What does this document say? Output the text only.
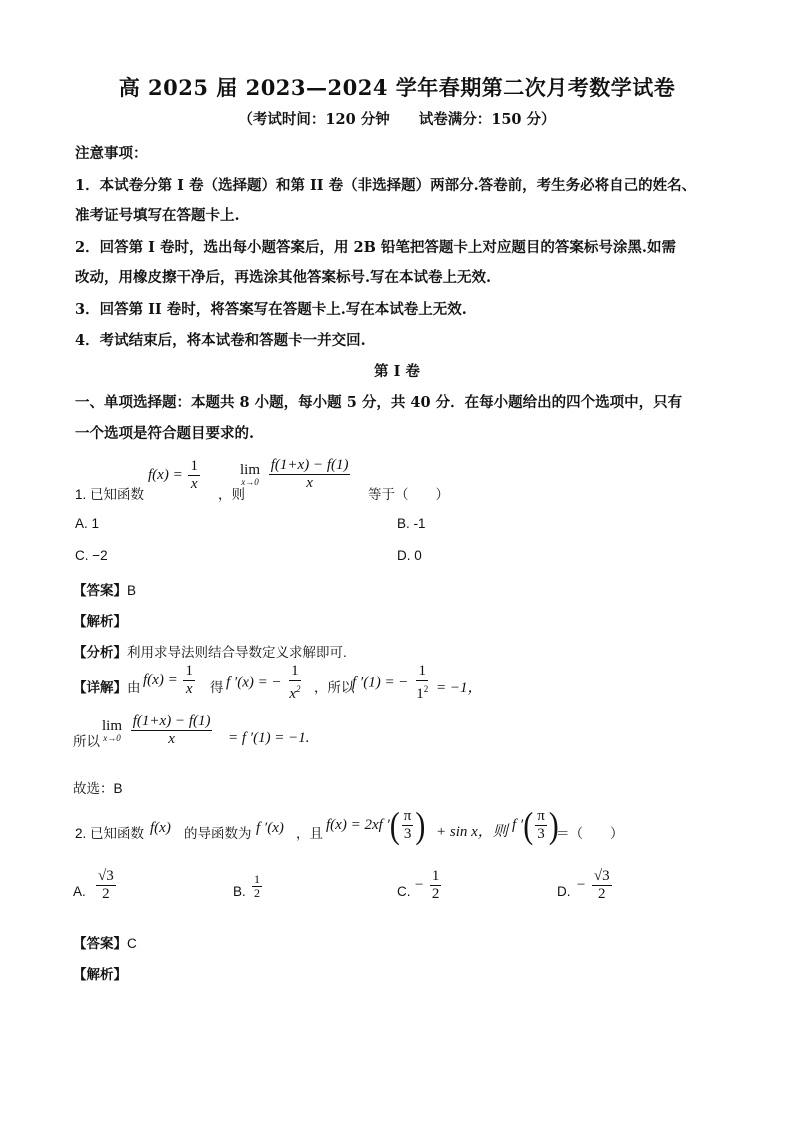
高 2025 届 2023—2024 学年春期第二次月考数学试卷
（考试时间：120 分钟　　试卷满分：150 分）
注意事项：
1．本试卷分第 I 卷（选择题）和第 II 卷（非选择题）两部分.答卷前，考生务必将自己的姓名、
准考证号填写在答题卡上.
2．回答第 I 卷时，选出每小题答案后，用 2B 铅笔把答题卡上对应题目的答案标号涂黑.如需
改动，用橡皮擦干净后，再选涂其他答案标号.写在本试卷上无效.
3．回答第 II 卷时，将答案写在答题卡上.写在本试卷上无效.
4．考试结束后，将本试卷和答题卡一并交回.
第 I 卷
一、单项选择题：本题共 8 小题，每小题 5 分，共 40 分．在每小题给出的四个选项中，只有
一个选项是符合题目要求的.
1. 已知函数
$f(x) = \frac{1}{x}$
，则
lim
x→0
$\frac{f(1+x) - f(1)}{x}$
等于（　　）
A. 1	B. -1
C. −2	D. 0
【答案】B
【解析】
【分析】利用求导法则结合导数定义求解即可.
【详解】由 $f(x) = \frac{1}{x}$ 得 f ′(x) = − $\frac{1}{x^2}$ ，所以
f ′(1) = − $\frac{1}{1^2} = -1$，
所以
lim
x→0
$\frac{f(1+x) - f(1)}{x} = f$ ′(1) = −1.
故选：B
2. 已知函数 f(x) 的导函数为 f ′(x) ，且
f(x) = 2xf ′( $\frac{\pi}{3}$ ) + sin x，则 f ′( $\frac{\pi}{3}$ )
＝（　　）
A. $\frac{√3}{2}$	B. $\frac{1}{2}$	C. − $\frac{1}{2}$	D. − $\frac{√3}{2}$
【答案】C
【解析】
